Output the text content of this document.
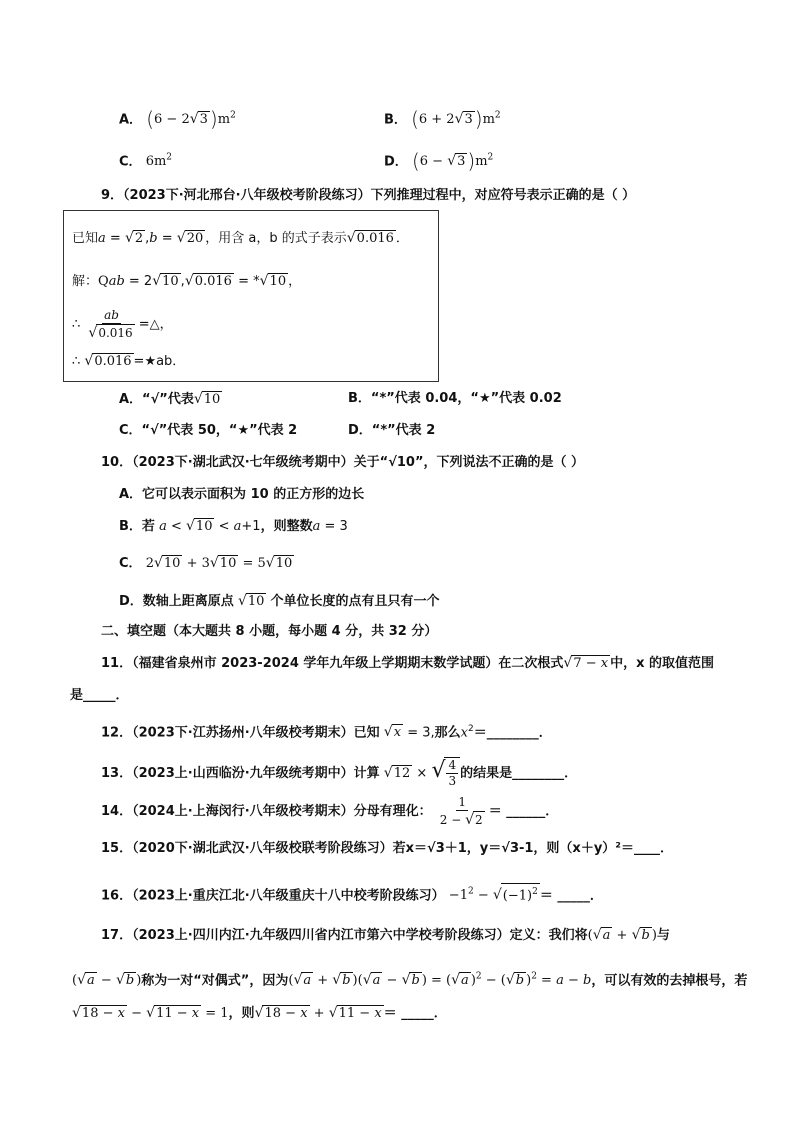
A． (6 − 2√3 )$m^2$	B． (6 + 2√3 )$m^2$
C． $6m^2$	D． (6 − √3 )$m^2$
9．（2023下·河北邢台·八年级校考阶段练习）下列推理过程中，对应符号表示正确的是（ ）
已知a = √2 ,b = √20 ，用含 a，b 的式子表示√0.016 ．
解：Qab = 2√10 ,√0.016 = *√10 ，
∴ $\frac{ab}{√0.016}$ =△，
∴ √0.016 =★ab．
A．“√”代表√10	B．“*”代表 0.04，“★”代表 0.02
C．“√”代表 50，“★”代表 2	D．“*”代表 2
10．（2023下·湖北武汉·七年级统考期中）关于“√10”，下列说法不正确的是（ ）
A．它可以表示面积为 10 的正方形的边长
B．若 a < √10 < a+1，则整数a = 3
C． 2√10 + 3√10 = 5√10
D．数轴上距离原点 √10 个单位长度的点有且只有一个
二、填空题（本大题共 8 小题，每小题 4 分，共 32 分）
11．（福建省泉州市 2023-2024 学年九年级上学期期末数学试题）在二次根式√7 − x 中，x 的取值范围
是_____．
12．（2023下·江苏扬州·八年级校考期末）已知 √x = 3,那么$x^2=\_\_\_\_\_\_\_\_$．
13．（2023上·山西临汾·九年级统考期中）计算 √12 × √ $\frac{4}{3}$ 的结果是________．
14．（2024上·上海闵行·八年级校考期末）分母有理化： $\frac{1}{2 - √2}$ ＝ ______．
15．（2020下·湖北武汉·八年级校联考阶段练习）若x＝√3＋1，y＝√3-1，则（x＋y）²＝____．
16．（2023上·重庆江北·八年级重庆十八中校考阶段练习） $-1^2 - √(-1)^2$ ＝ _____．
17．（2023上·四川内江·九年级四川省内江市第六中学校考阶段练习）定义：我们将(√a + √b )与
(√a − √b )称为一对“对偶式”，因为(√a + √b )(√a − √b ) = (√a )$^2$ − (√b )$^2$ = a − b，可以有效的去掉根号，若
√18 − x − √11 − x = 1，则√18 − x + √11 − x ＝ _____．
